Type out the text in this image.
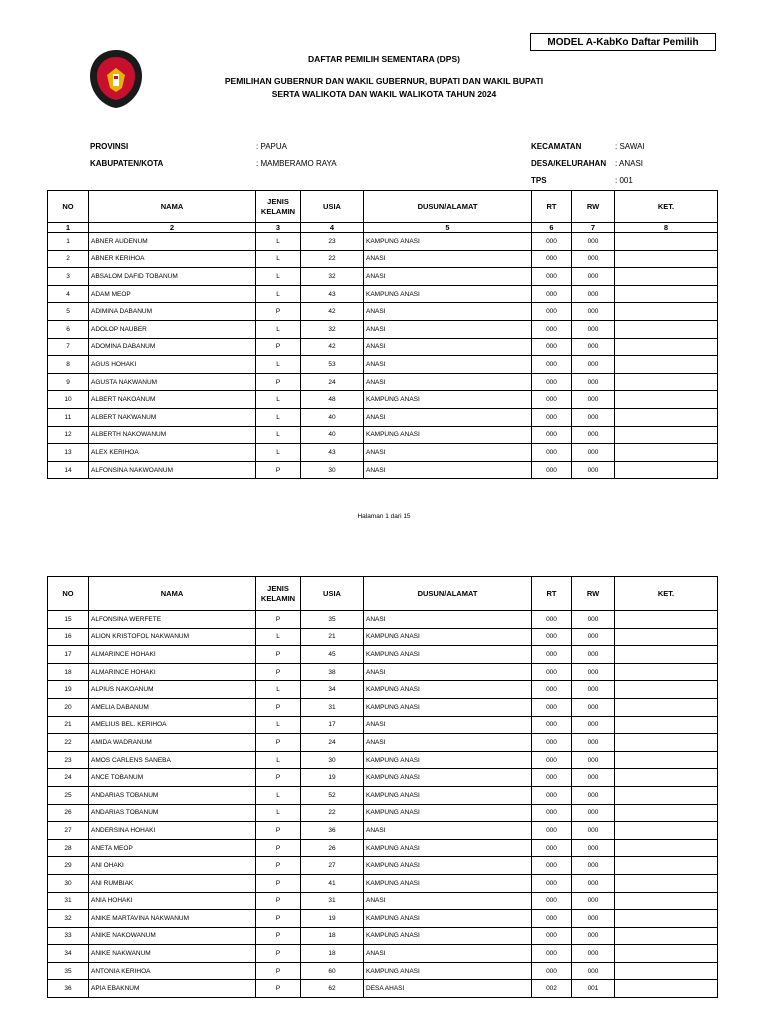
MODEL A-KabKo Daftar Pemilih
DAFTAR PEMILIH SEMENTARA (DPS)
PEMILIHAN GUBERNUR DAN WAKIL GUBERNUR, BUPATI DAN WAKIL BUPATI
SERTA WALIKOTA DAN WAKIL WALIKOTA TAHUN 2024
PROVINSI	: PAPUA
KABUPATEN/KOTA	: MAMBERAMO RAYA
KECAMATAN	: SAWAI
DESA/KELURAHAN : ANASI
TPS	: 001
NO	NAMA	JENIS
KELAMIN	USIA	DUSUN/ALAMAT	RT	RW	KET.
1	2	3	4	5	6	7	8
1	ABNER AUDENUM	L	23	KAMPUNG ANASI	000	000	
2	ABNER KERIHOA	L	22	ANASI	000	000	
3	ABSALOM DAFID TOBANUM	L	32	ANASI	000	000	
4	ADAM MEOP	L	43	KAMPUNG ANASI	000	000	
5	ADIMINA DABANUM	P	42	ANASI	000	000	
6	ADOLOP NAUBER	L	32	ANASI	000	000	
7	ADOMINA DABANUM	P	42	ANASI	000	000	
8	AGUS HOHAKI	L	53	ANASI	000	000	
9	AGUSTA NAKWANUM	P	24	ANASI	000	000	
10	ALBERT NAKOANUM	L	48	KAMPUNG ANASI	000	000	
11	ALBERT NAKWANUM	L	40	ANASI	000	000	
12	ALBERTH NAKOWANUM	L	40	KAMPUNG ANASI	000	000	
13	ALEX KERIHOA	L	43	ANASI	000	000	
14	ALFONSINA NAKWOANUM	P	30	ANASI	000	000	
Halaman 1 dari 15
NO	NAMA	JENIS
KELAMIN	USIA	DUSUN/ALAMAT	RT	RW	KET.
15	ALFONSINA WERFETE	P	35	ANASI	000	000	
16	ALION KRISTOFOL NAKWANUM	L	21	KAMPUNG ANASI	000	000	
17	ALMARINCE HOHAKI	P	45	KAMPUNG ANASI	000	000	
18	ALMARINCE HOHAKI	P	38	ANASI	000	000	
19	ALPIUS NAKOANUM	L	34	KAMPUNG ANASI	000	000	
20	AMELIA DABANUM	P	31	KAMPUNG ANASI	000	000	
21	AMELIUS BEL. KERIHOA	L	17	ANASI	000	000	
22	AMIDA WADRANUM	P	24	ANASI	000	000	
23	AMOS CARLENS SANEBA	L	30	KAMPUNG ANASI	000	000	
24	ANCE TOBANUM	P	19	KAMPUNG ANASI	000	000	
25	ANDARIAS TOBANUM	L	52	KAMPUNG ANASI	000	000	
26	ANDARIAS TOBANUM	L	22	KAMPUNG ANASI	000	000	
27	ANDERSINA HOHAKI	P	36	ANASI	000	000	
28	ANETA MEOP	P	26	KAMPUNG ANASI	000	000	
29	ANI OHAKI	P	27	KAMPUNG ANASI	000	000	
30	ANI RUMBIAK	P	41	KAMPUNG ANASI	000	000	
31	ANIA HOHAKI	P	31	ANASI	000	000	
32	ANIKE MARTAVINA NAKWANUM	P	19	KAMPUNG ANASI	000	000	
33	ANIKE NAKOWANUM	P	18	KAMPUNG ANASI	000	000	
34	ANIKE NAKWANUM	P	18	ANASI	000	000	
35	ANTONIA KERIHOA	P	60	KAMPUNG ANASI	000	000	
36	APIA EBAKNUM	P	62	DESA AHASI	002	001	
